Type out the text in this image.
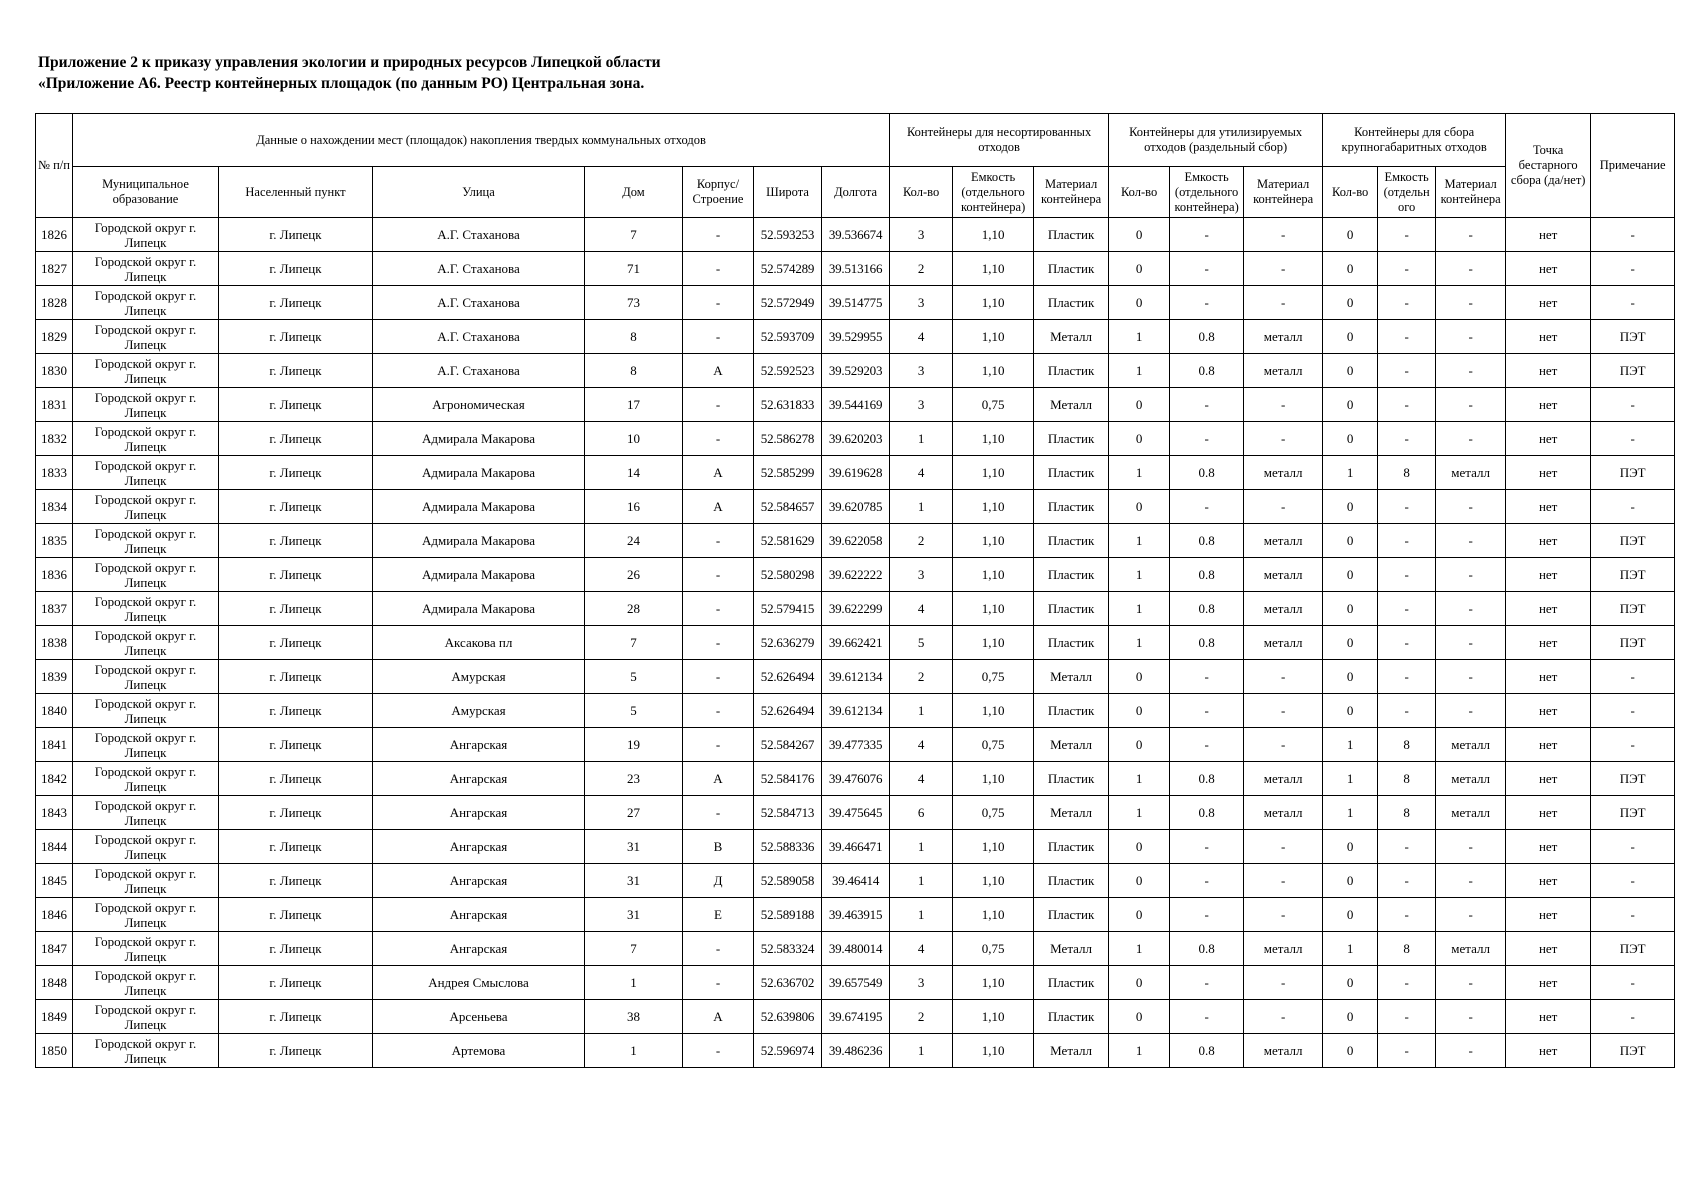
Приложение 2 к приказу управления экологии и природных ресурсов Липецкой области
«Приложение А6. Реестр контейнерных площадок (по данным РО) Центральная зона.
№ п/п	Данные о нахождении мест (площадок) накопления твердых коммунальных отходов							Контейнеры для несортированных отходов			Контейнеры для утилизируемых отходов (раздельный сбор)			Контейнеры для сбора крупногабаритных отходов			Точка бестарного сбора (да/нет)	Примечание
	Муниципальное образование	Населенный пункт	Улица	Дом	Корпус/ Строение	Широта	Долгота	Кол-во	Емкость (отдельного контейнера)	Материал контейнера	Кол-во	Емкость (отдельного контейнера)	Материал контейнера	Кол-во	Емкость (отдельн ого	Материал контейнера		
1826	Городской округ г. Липецк	г. Липецк	А.Г. Стаханова	7	-	52.593253	39.536674	3	1,10	Пластик	0	-	-	0	-	-	нет	-
1827	Городской округ г. Липецк	г. Липецк	А.Г. Стаханова	71	-	52.574289	39.513166	2	1,10	Пластик	0	-	-	0	-	-	нет	-
1828	Городской округ г. Липецк	г. Липецк	А.Г. Стаханова	73	-	52.572949	39.514775	3	1,10	Пластик	0	-	-	0	-	-	нет	-
1829	Городской округ г. Липецк	г. Липецк	А.Г. Стаханова	8	-	52.593709	39.529955	4	1,10	Металл	1	0.8	металл	0	-	-	нет	ПЭТ
1830	Городской округ г. Липецк	г. Липецк	А.Г. Стаханова	8	А	52.592523	39.529203	3	1,10	Пластик	1	0.8	металл	0	-	-	нет	ПЭТ
1831	Городской округ г. Липецк	г. Липецк	Агрономическая	17	-	52.631833	39.544169	3	0,75	Металл	0	-	-	0	-	-	нет	-
1832	Городской округ г. Липецк	г. Липецк	Адмирала Макарова	10	-	52.586278	39.620203	1	1,10	Пластик	0	-	-	0	-	-	нет	-
1833	Городской округ г. Липецк	г. Липецк	Адмирала Макарова	14	А	52.585299	39.619628	4	1,10	Пластик	1	0.8	металл	1	8	металл	нет	ПЭТ
1834	Городской округ г. Липецк	г. Липецк	Адмирала Макарова	16	А	52.584657	39.620785	1	1,10	Пластик	0	-	-	0	-	-	нет	-
1835	Городской округ г. Липецк	г. Липецк	Адмирала Макарова	24	-	52.581629	39.622058	2	1,10	Пластик	1	0.8	металл	0	-	-	нет	ПЭТ
1836	Городской округ г. Липецк	г. Липецк	Адмирала Макарова	26	-	52.580298	39.622222	3	1,10	Пластик	1	0.8	металл	0	-	-	нет	ПЭТ
1837	Городской округ г. Липецк	г. Липецк	Адмирала Макарова	28	-	52.579415	39.622299	4	1,10	Пластик	1	0.8	металл	0	-	-	нет	ПЭТ
1838	Городской округ г. Липецк	г. Липецк	Аксакова пл	7	-	52.636279	39.662421	5	1,10	Пластик	1	0.8	металл	0	-	-	нет	ПЭТ
1839	Городской округ г. Липецк	г. Липецк	Амурская	5	-	52.626494	39.612134	2	0,75	Металл	0	-	-	0	-	-	нет	-
1840	Городской округ г. Липецк	г. Липецк	Амурская	5	-	52.626494	39.612134	1	1,10	Пластик	0	-	-	0	-	-	нет	-
1841	Городской округ г. Липецк	г. Липецк	Ангарская	19	-	52.584267	39.477335	4	0,75	Металл	0	-	-	1	8	металл	нет	-
1842	Городской округ г. Липецк	г. Липецк	Ангарская	23	А	52.584176	39.476076	4	1,10	Пластик	1	0.8	металл	1	8	металл	нет	ПЭТ
1843	Городской округ г. Липецк	г. Липецк	Ангарская	27	-	52.584713	39.475645	6	0,75	Металл	1	0.8	металл	1	8	металл	нет	ПЭТ
1844	Городской округ г. Липецк	г. Липецк	Ангарская	31	В	52.588336	39.466471	1	1,10	Пластик	0	-	-	0	-	-	нет	-
1845	Городской округ г. Липецк	г. Липецк	Ангарская	31	Д	52.589058	39.46414	1	1,10	Пластик	0	-	-	0	-	-	нет	-
1846	Городской округ г. Липецк	г. Липецк	Ангарская	31	Е	52.589188	39.463915	1	1,10	Пластик	0	-	-	0	-	-	нет	-
1847	Городской округ г. Липецк	г. Липецк	Ангарская	7	-	52.583324	39.480014	4	0,75	Металл	1	0.8	металл	1	8	металл	нет	ПЭТ
1848	Городской округ г. Липецк	г. Липецк	Андрея Смыслова	1	-	52.636702	39.657549	3	1,10	Пластик	0	-	-	0	-	-	нет	-
1849	Городской округ г. Липецк	г. Липецк	Арсеньева	38	А	52.639806	39.674195	2	1,10	Пластик	0	-	-	0	-	-	нет	-
1850	Городской округ г. Липецк	г. Липецк	Артемова	1	-	52.596974	39.486236	1	1,10	Металл	1	0.8	металл	0	-	-	нет	ПЭТ
